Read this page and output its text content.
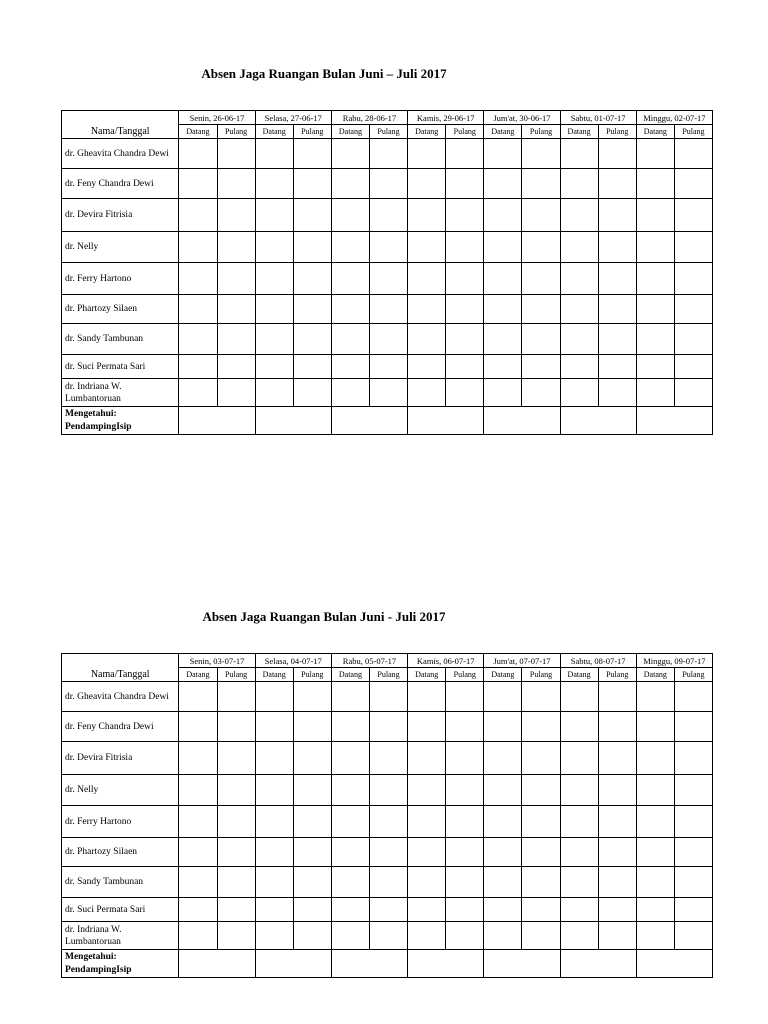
Absen Jaga Ruangan Bulan Juni – Juli 2017
Nama/Tanggal	Senin, 26-06-17		Selasa, 27-06-17		Rabu, 28-06-17		Kamis, 29-06-17		Jum'at, 30-06-17		Sabtu, 01-07-17		Minggu, 02-07-17	
	Datang	Pulang	Datang	Pulang	Datang	Pulang	Datang	Pulang	Datang	Pulang	Datang	Pulang	Datang	Pulang
dr. Gheavita Chandra Dewi														
dr. Feny Chandra Dewi														
dr. Devira Fitrisia														
dr. Nelly														
dr. Ferry Hartono														
dr. Phartozy Silaen														
dr. Sandy Tambunan														
dr. Suci Permata Sari														
dr. Indriana W. Lumbantoruan														

Mengetahui:
PendampingIsip														

Absen Jaga Ruangan Bulan Juni - Juli 2017
Nama/Tanggal	Senin, 03-07-17		Selasa, 04-07-17		Rabu, 05-07-17		Kamis, 06-07-17		Jum'at, 07-07-17		Sabtu, 08-07-17		Minggu, 09-07-17	
	Datang	Pulang	Datang	Pulang	Datang	Pulang	Datang	Pulang	Datang	Pulang	Datang	Pulang	Datang	Pulang
dr. Gheavita Chandra Dewi														
dr. Feny Chandra Dewi														
dr. Devira Fitrisia														
dr. Nelly														
dr. Ferry Hartono														
dr. Phartozy Silaen														
dr. Sandy Tambunan														
dr. Suci Permata Sari														
dr. Indriana W. Lumbantoruan														

Mengetahui:
PendampingIsip														
